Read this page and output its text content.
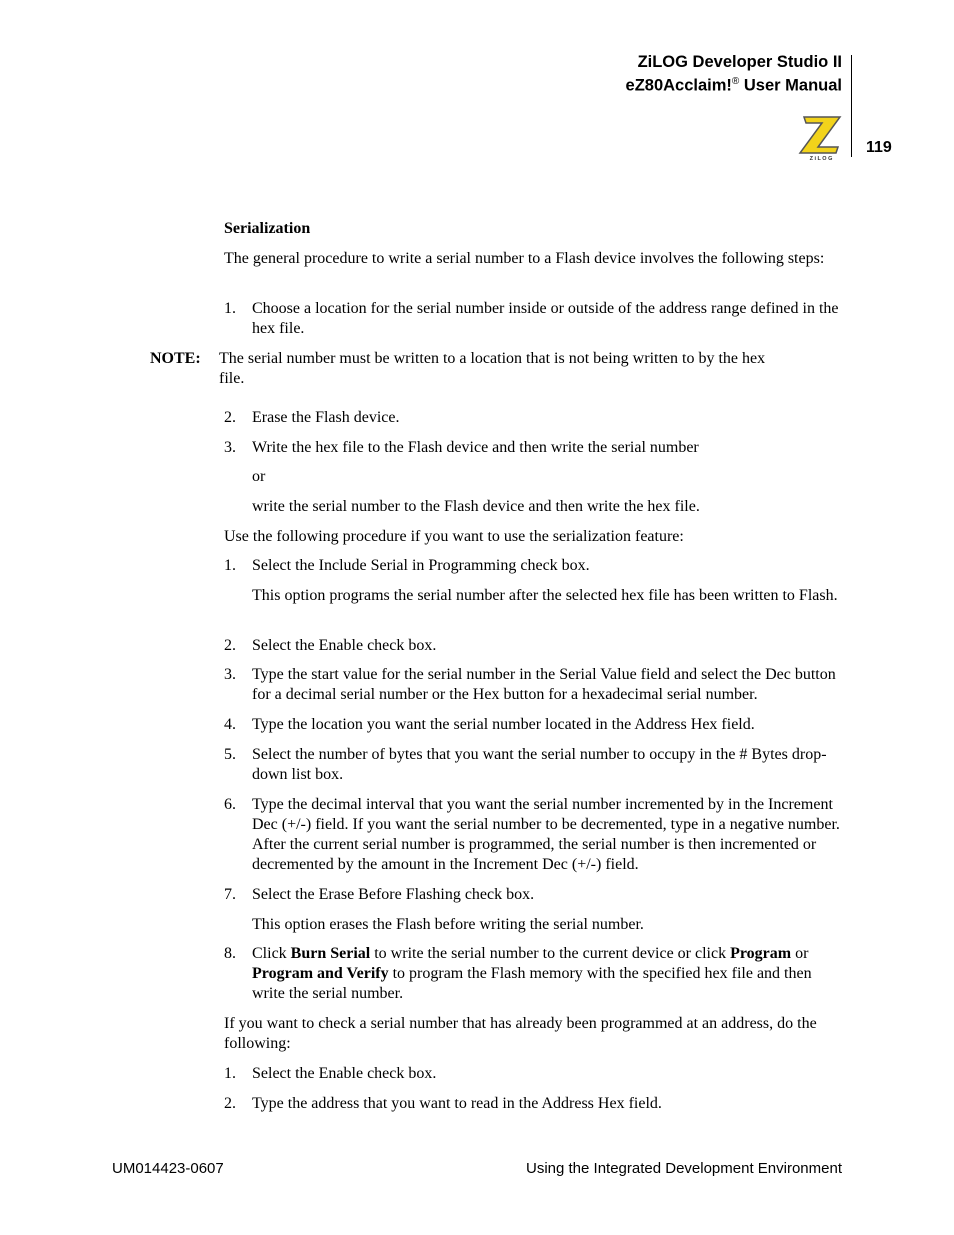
ZiLOG Developer Studio II
eZ80Acclaim!® User Manual
Z i L O G
119
Serialization
The general procedure to write a serial number to a Flash device involves the following steps:
1. Choose a location for the serial number inside or outside of the address range defined in the hex file.
NOTE: The serial number must be written to a location that is not being written to by the hex file.
2. Erase the Flash device.
3. Write the hex file to the Flash device and then write the serial number
or
write the serial number to the Flash device and then write the hex file.
Use the following procedure if you want to use the serialization feature:
1. Select the Include Serial in Programming check box.
This option programs the serial number after the selected hex file has been written to Flash.
2. Select the Enable check box.
3. Type the start value for the serial number in the Serial Value field and select the Dec button for a decimal serial number or the Hex button for a hexadecimal serial number.
4. Type the location you want the serial number located in the Address Hex field.
5. Select the number of bytes that you want the serial number to occupy in the # Bytes drop-down list box.
6. Type the decimal interval that you want the serial number incremented by in the Increment Dec (+/-) field. If you want the serial number to be decremented, type in a negative number. After the current serial number is programmed, the serial number is then incremented or decremented by the amount in the Increment Dec (+/-) field.
7. Select the Erase Before Flashing check box.
This option erases the Flash before writing the serial number.
8. Click Burn Serial to write the serial number to the current device or click Program or Program and Verify to program the Flash memory with the specified hex file and then write the serial number.
If you want to check a serial number that has already been programmed at an address, do the following:
1. Select the Enable check box.
2. Type the address that you want to read in the Address Hex field.
UM014423-0607	Using the Integrated Development Environment
